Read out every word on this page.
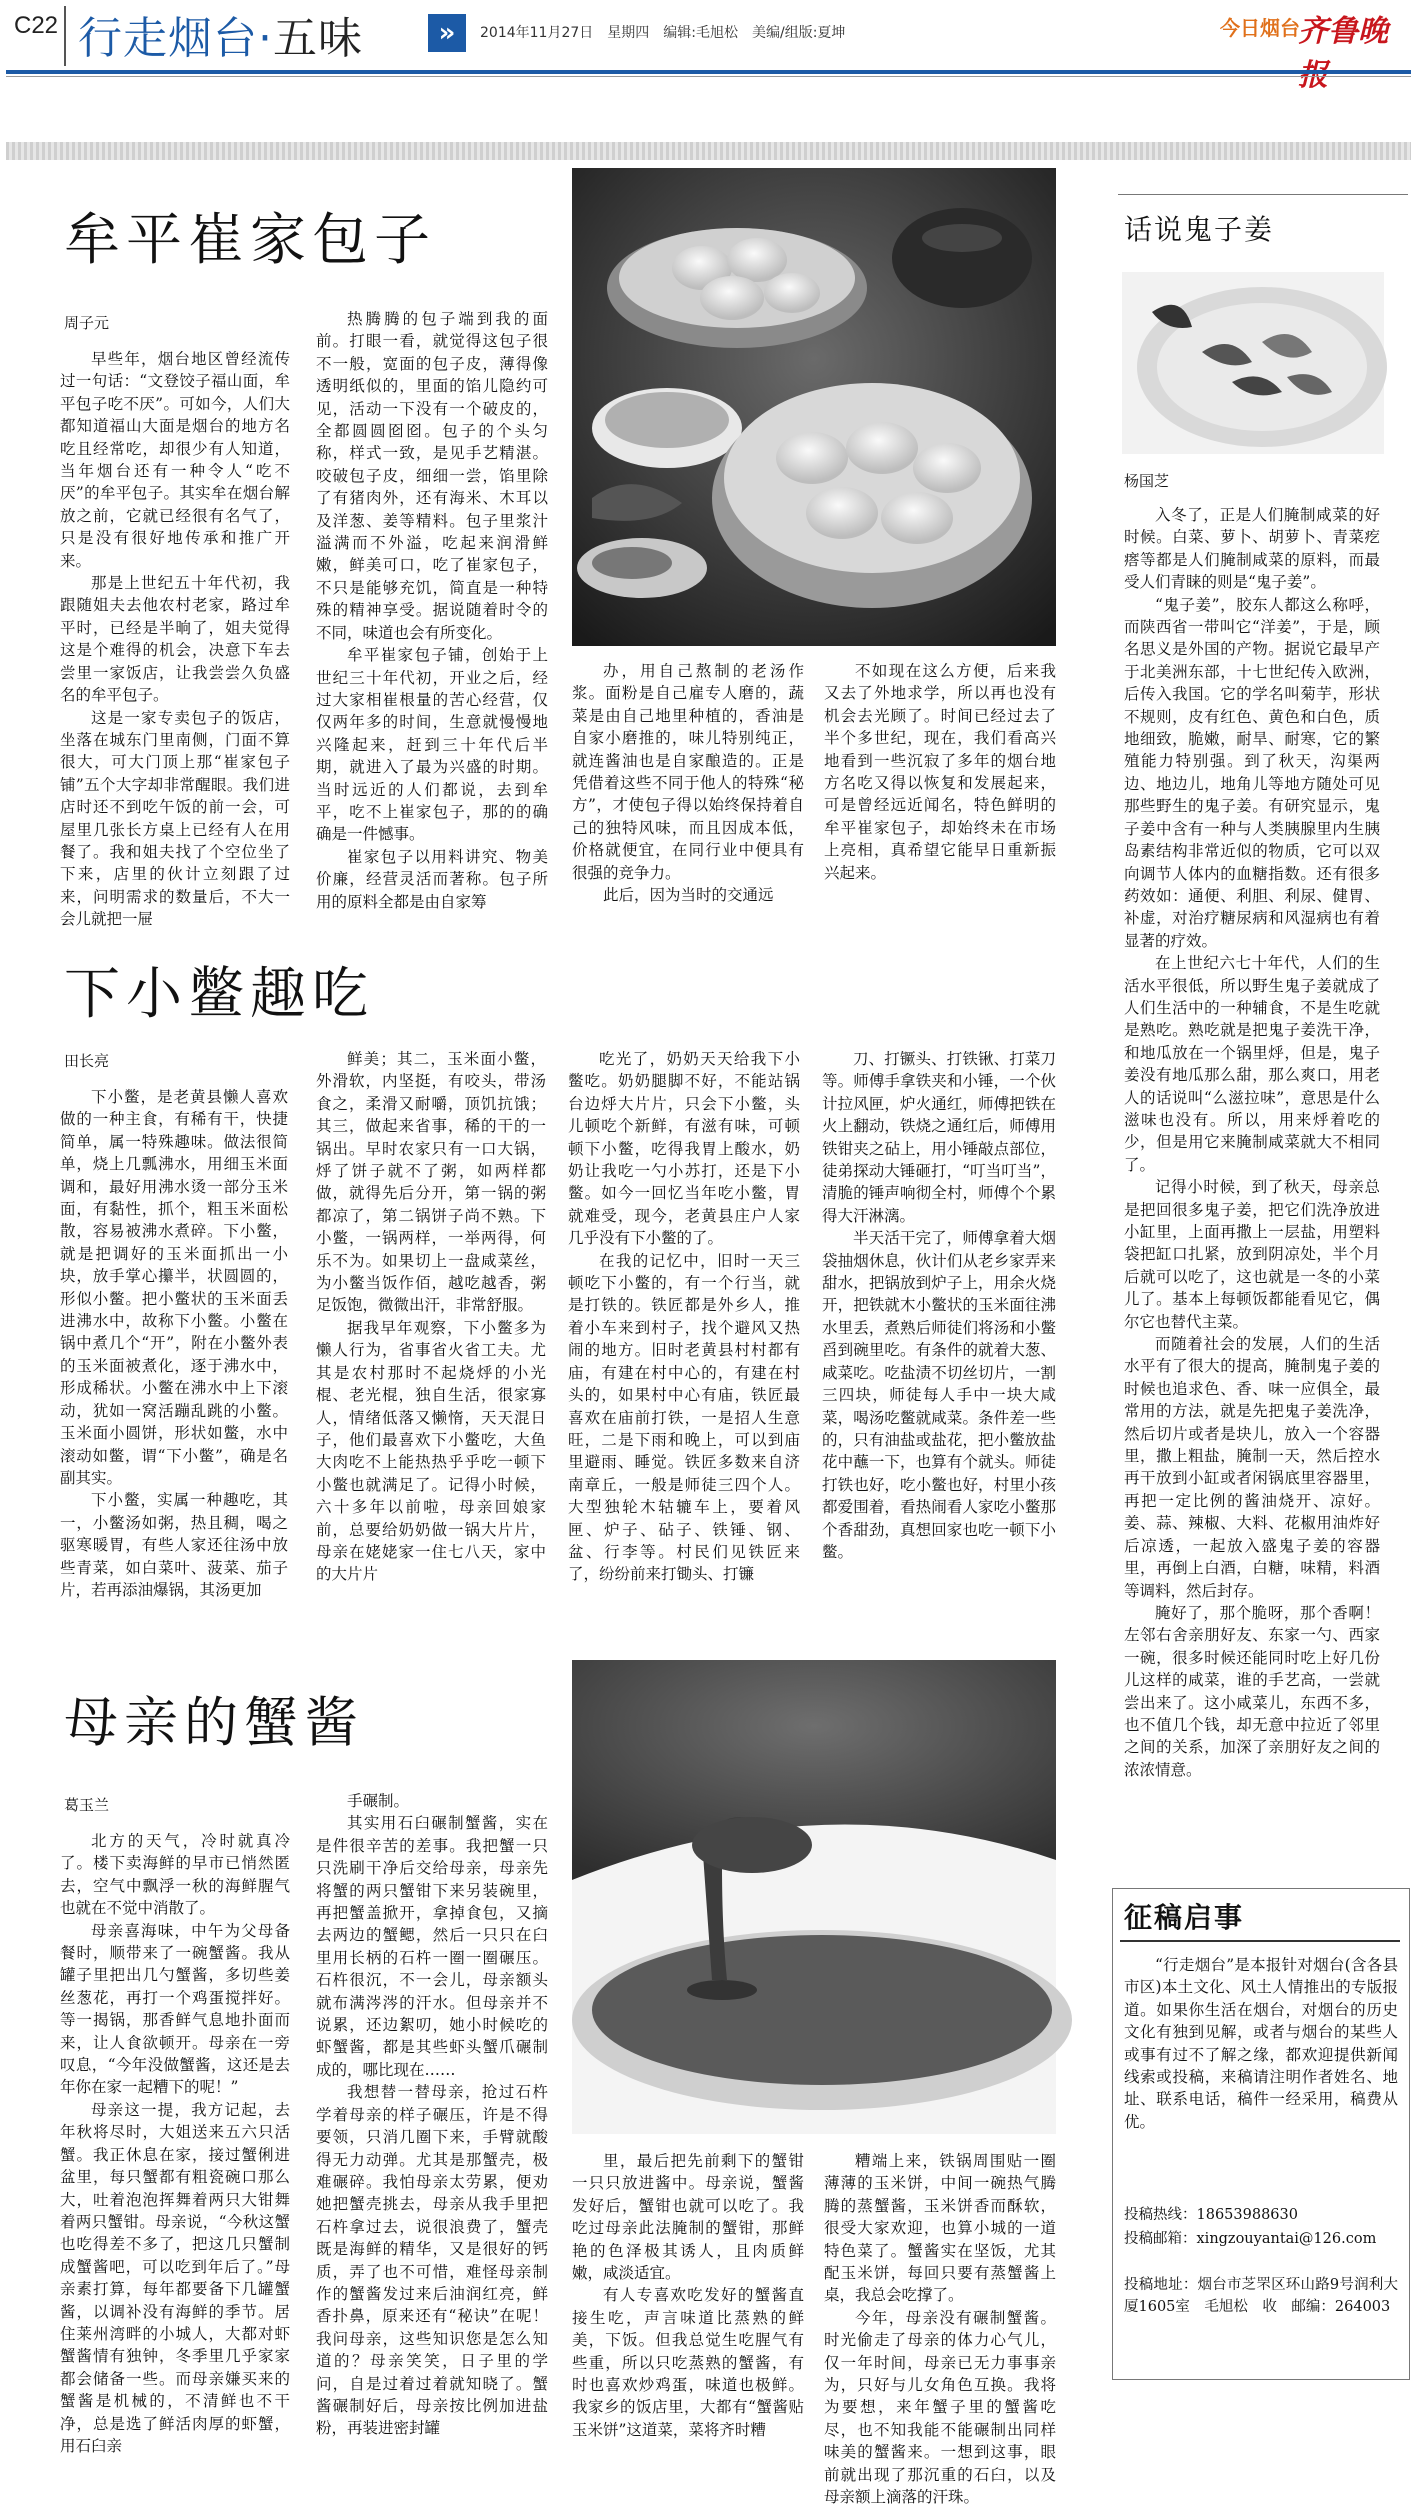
C22 行走烟台·五味	»	2014年11月27日　星期四　编辑:毛旭松　美编/组版:夏坤	今日烟台
齐鲁晚
牟平崔家包子
周子元

早些年，烟台地区曾经流传过一句话：“文登饺子福山面，牟平包子吃不厌”。可如今，人们大都知道福山大面是烟台的地方名吃且经常吃，却很少有人知道，当年烟台还有一种令人“吃不厌”的牟平包子。其实牟在烟台解放之前，它就已经很有名气了，只是没有很好地传承和推广开来。

那是上世纪五十年代初，我跟随姐夫去他农村老家，路过牟平时，已经是半晌了，姐夫觉得这是个难得的机会，决意下车去尝里一家饭店，让我尝尝久负盛名的牟平包子。

这是一家专卖包子的饭店，坐落在城东门里南侧，门面不算很大，可大门顶上那“崔家包子铺”五个大字却非常醒眼。我们进店时还不到吃午饭的前一会，可屋里几张长方桌上已经有人在用餐了。我和姐夫找了个空位坐了下来，店里的伙计立刻跟了过来，问明需求的数量后，不大一会儿就把一屉

热腾腾的包子端到我的面前。打眼一看，就觉得这包子很不一般，宽面的包子皮，薄得像透明纸似的，里面的馅儿隐约可见，活动一下没有一个破皮的，全都圆圆囵囵。包子的个头匀称，样式一致，是见手艺精湛。咬破包子皮，细细一尝，馅里除了有猪肉外，还有海米、木耳以及洋葱、姜等精料。包子里浆汁溢满而不外溢，吃起来润滑鲜嫩，鲜美可口，吃了崔家包子，不只是能够充饥，简直是一种特殊的精神享受。据说随着时令的不同，味道也会有所变化。

牟平崔家包子铺，创始于上世纪三十年代初，开业之后，经过大家相崔根量的苦心经营，仅仅两年多的时间，生意就慢慢地兴隆起来，赶到三十年代后半期，就进入了最为兴盛的时期。当时远近的人们都说，去到牟平，吃不上崔家包子，那的的确确是一件憾事。

崔家包子以用料讲究、物美价廉，经营灵活而著称。包子所用的原料全都是由自家筹

办，用自己熬制的老汤作浆。面粉是自己雇专人磨的，蔬菜是由自己地里种植的，香油是自家小磨推的，味儿特别纯正，就连酱油也是自家酿造的。正是凭借着这些不同于他人的特殊“秘方”，才使包子得以始终保持着自己的独特风味，而且因成本低，价格就便宜，在同行业中便具有很强的竞争力。

此后，因为当时的交通远

不如现在这么方便，后来我又去了外地求学，所以再也没有机会去光顾了。时间已经过去了半个多世纪，现在，我们看高兴地看到一些沉寂了多年的烟台地方名吃又得以恢复和发展起来，可是曾经远近闻名，特色鲜明的牟平崔家包子，却始终未在市场上亮相，真希望它能早日重新振兴起来。
下小鳖趣吃
田长亮

下小鳖，是老黄县懒人喜欢做的一种主食，有稀有干，快捷简单，属一特殊趣味。做法很简单，烧上几瓢沸水，用细玉米面调和，最好用沸水烫一部分玉米面，有黏性，抓个，粗玉米面松散，容易被沸水煮碎。下小鳖，就是把调好的玉米面抓出一小块，放手掌心攥半，状圆圆的，形似小鳖。把小鳖状的玉米面丢进沸水中，故称下小鳖。小鳖在锅中煮几个“开”，附在小鳖外表的玉米面被煮化，逐于沸水中，形成稀状。小鳖在沸水中上下滚动，犹如一窝活蹦乱跳的小鳖。玉米面小圆饼，形状如鳖，水中滚动如鳖，谓“下小鳖”，确是名副其实。

下小鳖，实属一种趣吃，其一，小鳖汤如粥，热且稠，喝之驱寒暖胃，有些人家还往汤中放些青菜，如白菜叶、菠菜、茄子片，若再添油爆锅，其汤更加

鲜美；其二，玉米面小鳖，外滑软，内坚挺，有咬头，带汤食之，柔滑又耐嚼，顶饥抗饿；其三，做起来省事，稀的干的一锅出。早时农家只有一口大锅，烀了饼子就不了粥，如两样都做，就得先后分开，第一锅的粥都凉了，第二锅饼子尚不熟。下小鳖，一锅两样，一举两得，何乐不为。如果切上一盘咸菜丝，为小鳖当饭作佰，越吃越香，粥足饭饱，微微出汗，非常舒服。

据我早年观察，下小鳖多为懒人行为，省事省火省工夫。尤其是农村那时不起烧烀的小光棍、老光棍，独自生活，很家寡人，情绪低落又懒惰，天天混日子，他们最喜欢下小鳖吃，大鱼大肉吃不上能热热乎乎吃一顿下小鳖也就满足了。记得小时候，六十多年以前啦，母亲回娘家前，总要给奶奶做一锅大片片，母亲在姥姥家一住七八天，家中的大片片

吃光了，奶奶天天给我下小鳖吃。奶奶腿脚不好，不能站锅台边烀大片片，只会下小鳖，头儿顿吃个新鲜，有滋有味，可顿顿下小鳖，吃得我胃上酸水，奶奶让我吃一勺小苏打，还是下小鳖。如今一回忆当年吃小鳖，胃就难受，现今，老黄县庄户人家几乎没有下小鳖的了。

在我的记忆中，旧时一天三顿吃下小鳖的，有一个行当，就是打铁的。铁匠都是外乡人，推着小车来到村子，找个避风又热闹的地方。旧时老黄县村村都有庙，有建在村中心的，有建在村头的，如果村中心有庙，铁匠最喜欢在庙前打铁，一是招人生意旺，二是下雨和晚上，可以到庙里避雨、睡觉。铁匠多数来自济南章丘，一般是师徒三四个人。大型独轮木轱辘车上，要着风匣、炉子、砧子、铁锤、钢、盆、行李等。村民们见铁匠来了，纷纷前来打锄头、打镰

刀、打镢头、打铁锹、打菜刀等。师傅手拿铁夹和小锤，一个伙计拉风匣，炉火通红，师傅把铁在火上翻动，铁烧之通红后，师傅用铁钳夹之砧上，用小锤敲点部位，徒弟探动大锤砸打，“叮当叮当”，清脆的锤声响彻全村，师傅个个累得大汗淋漓。

半天活干完了，师傅拿着大烟袋抽烟休息，伙计们从老乡家弄来甜水，把锅放到炉子上，用余火烧开，把铁就木小鳖状的玉米面往沸水里丢，煮熟后师徒们将汤和小鳖舀到碗里吃。有条件的就着大葱、咸菜吃。吃盐渍不切丝切片，一割三四块，师徒每人手中一块大咸菜，喝汤吃鳖就咸菜。条件差一些的，只有油盐或盐花，把小鳖放盐花中蘸一下，也算有个就头。师徒打铁也好，吃小鳖也好，村里小孩都爱围着，看热闹看人家吃小鳖那个香甜劲，真想回家也吃一顿下小鳖。

母亲的蟹酱
葛玉兰

北方的天气，冷时就真冷了。楼下卖海鲜的早市已悄然匿去，空气中飘浮一秋的海鲜腥气也就在不觉中消散了。

母亲喜海味，中午为父母备餐时，顺带来了一碗蟹酱。我从罐子里把出几勺蟹酱，多切些姜丝葱花，再打一个鸡蛋搅拌好。等一揭锅，那香鲜气息地扑面而来，让人食欲顿开。母亲在一旁叹息，“今年没做蟹酱，这还是去年你在家一起糟下的呢！”

母亲这一提，我方记起，去年秋将尽时，大姐送来五六只活蟹。我正休息在家，接过蟹俐进盆里，每只蟹都有粗瓷碗口那么大，吐着泡泡挥舞着两只大钳舞着两只蟹钳。母亲说，“今秋这蟹也吃得差不多了，把这几只蟹制成蟹酱吧，可以吃到年后了。”母亲素打算，每年都要备下几罐蟹酱，以调补没有海鲜的季节。居住莱州湾畔的小城人，大都对虾蟹酱情有独钟，冬季里几乎家家都会储备一些。而母亲嫌买来的蟹酱是机械的，不清鲜也不干净，总是选了鲜活肉厚的虾蟹，用石臼亲

手碾制。

其实用石臼碾制蟹酱，实在是件很辛苦的差事。我把蟹一只只洗刷干净后交给母亲，母亲先将蟹的两只蟹钳下来另装碗里，再把蟹盖掀开，拿掉食包，又摘去两边的蟹鳃，然后一只只在臼里用长柄的石杵一圈一圈碾压。石杵很沉，不一会儿，母亲额头就布满涔涔的汗水。但母亲并不说累，还边絮叨，她小时候吃的虾蟹酱，都是其些虾头蟹爪碾制成的，哪比现在……

我想替一替母亲，抢过石杵学着母亲的样子碾压，许是不得要领，只消几圈下来，手臂就酸得无力动弹。尤其是那蟹壳，极难碾碎。我怕母亲太劳累，便劝她把蟹壳挑去，母亲从我手里把石杵拿过去，说很浪费了，蟹壳既是海鲜的精华，又是很好的钙质，弄了也不可惜，难怪母亲制作的蟹酱发过来后油润红亮，鲜香扑鼻，原来还有“秘诀”在呢！我问母亲，这些知识您是怎么知道的？母亲笑笑，日子里的学问，自是过着过着就知晓了。蟹酱碾制好后，母亲按比例加进盐粉，再装进密封罐

里，最后把先前剩下的蟹钳一只只放进酱中。母亲说，蟹酱发好后，蟹钳也就可以吃了。我吃过母亲此法腌制的蟹钳，那鲜艳的色泽极其诱人，且肉质鲜嫩，咸淡适宜。

有人专喜欢吃发好的蟹酱直接生吃，声言味道比蒸熟的鲜美，下饭。但我总觉生吃腥气有些重，所以只吃蒸熟的蟹酱，有时也喜欢炒鸡蛋，味道也极鲜。我家乡的饭店里，大都有“蟹酱贴玉米饼”这道菜，菜将齐时糟

糟端上来，铁锅周围贴一圈薄薄的玉米饼，中间一碗热气腾腾的蒸蟹酱，玉米饼香而酥软，很受大家欢迎，也算小城的一道特色菜了。蟹酱实在坚饭，尤其配玉米饼，每回只要有蒸蟹酱上桌，我总会吃撑了。

今年，母亲没有碾制蟹酱。时光偷走了母亲的体力心气儿，仅一年时间，母亲已无力事事亲为，只好与儿女角色互换。我将为要想，来年蟹子里的蟹酱吃尽，也不知我能不能碾制出同样味美的蟹酱来。一想到这事，眼前就出现了那沉重的石臼，以及母亲额上滴落的汗珠。

话说鬼子姜
杨国芝

入冬了，正是人们腌制咸菜的好时候。白菜、萝卜、胡萝卜、青菜疙瘩等都是人们腌制咸菜的原料，而最受人们青睐的则是“鬼子姜”。

“鬼子姜”，胶东人都这么称呼，而陕西省一带叫它“洋姜”，于是，顾名思义是外国的产物。据说它最早产于北美洲东部，十七世纪传入欧洲，后传入我国。它的学名叫菊芋，形状不规则，皮有红色、黄色和白色，质地细致，脆嫩，耐旱、耐寒，它的繁殖能力特别强。到了秋天，沟渠两边、地边儿，地角儿等地方随处可见那些野生的鬼子姜。有研究显示，鬼子姜中含有一种与人类胰腺里内生胰岛素结构非常近似的物质，它可以双向调节人体内的血糖指数。还有很多药效如：通便、利胆、利尿、健胃、补虚，对治疗糖尿病和风湿病也有着显著的疗效。

在上世纪六七十年代，人们的生活水平很低，所以野生鬼子姜就成了人们生活中的一种辅食，不是生吃就是熟吃。熟吃就是把鬼子姜洗干净，和地瓜放在一个锅里烀，但是，鬼子姜没有地瓜那么甜，那么爽口，用老人的话说叫“么滋拉味”，意思是什么滋味也没有。所以，用来烀着吃的少，但是用它来腌制咸菜就大不相同了。

记得小时候，到了秋天，母亲总是把回很多鬼子姜，把它们洗净放进小缸里，上面再撒上一层盐，用塑料袋把缸口扎紧，放到阴凉处，半个月后就可以吃了，这也就是一冬的小菜儿了。基本上每顿饭都能看见它，偶尔它也替代主菜。

而随着社会的发展，人们的生活水平有了很大的提高，腌制鬼子姜的时候也追求色、香、味一应俱全，最常用的方法，就是先把鬼子姜洗净，然后切片或者是块儿，放入一个容器里，撒上粗盐，腌制一天，然后控水再干放到小缸或者闲锅底里容器里，再把一定比例的酱油烧开、凉好。姜、蒜、辣椒、大料、花椒用油炸好后凉透，一起放入盛鬼子姜的容器里，再倒上白酒，白糖，味精，料酒等调料，然后封存。

腌好了，那个脆呀，那个香啊！左邻右舍亲朋好友、东家一勺、西家一碗，很多时候还能同时吃上好几份儿这样的咸菜，谁的手艺高，一尝就尝出来了。这小咸菜儿，东西不多，也不值几个钱，却无意中拉近了邻里之间的关系，加深了亲朋好友之间的浓浓情意。

征稿启事
“行走烟台”是本报针对烟台(含各县市区)本土文化、风土人情推出的专版报道。如果你生活在烟台，对烟台的历史文化有独到见解，或者与烟台的某些人或事有过不了解之缘，都欢迎提供新闻线索或投稿，来稿请注明作者姓名、地址、联系电话，稿件一经采用，稿费从优。
投稿热线：18653988630
投稿邮箱：xingzouyantai@126.com
投稿地址：烟台市芝罘区环山路9号润利大厦1605室　毛旭松　收　邮编：264003
